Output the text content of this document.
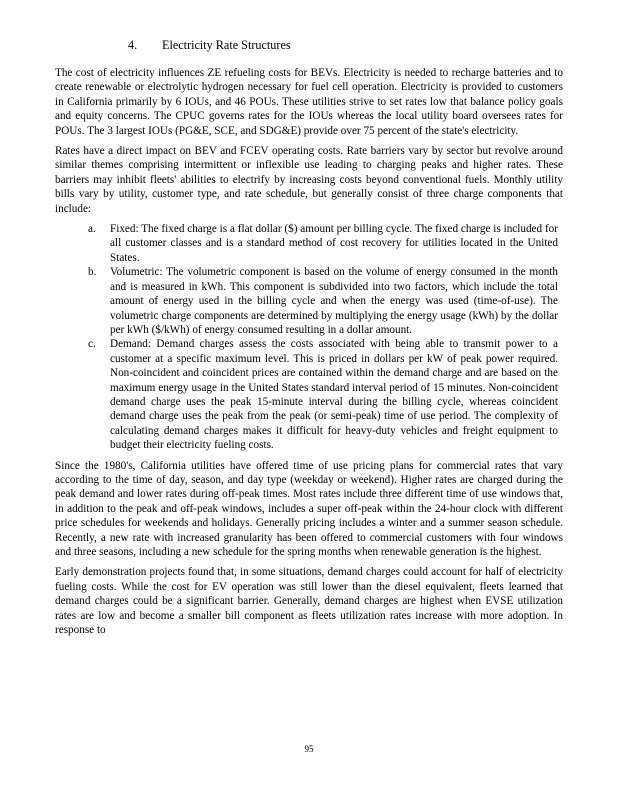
4. Electricity Rate Structures

The cost of electricity influences ZE refueling costs for BEVs. Electricity is needed to recharge batteries and to create renewable or electrolytic hydrogen necessary for fuel cell operation. Electricity is provided to customers in California primarily by 6 IOUs, and 46 POUs. These utilities strive to set rates low that balance policy goals and equity concerns. The CPUC governs rates for the IOUs whereas the local utility board oversees rates for POUs. The 3 largest IOUs (PG&E, SCE, and SDG&E) provide over 75 percent of the state's electricity.

Rates have a direct impact on BEV and FCEV operating costs. Rate barriers vary by sector but revolve around similar themes comprising intermittent or inflexible use leading to charging peaks and higher rates. These barriers may inhibit fleets' abilities to electrify by increasing costs beyond conventional fuels. Monthly utility bills vary by utility, customer type, and rate schedule, but generally consist of three charge components that include:

a. Fixed: The fixed charge is a flat dollar ($) amount per billing cycle. The fixed charge is included for all customer classes and is a standard method of cost recovery for utilities located in the United States.
b. Volumetric: The volumetric component is based on the volume of energy consumed in the month and is measured in kWh. This component is subdivided into two factors, which include the total amount of energy used in the billing cycle and when the energy was used (time-of-use). The volumetric charge components are determined by multiplying the energy usage (kWh) by the dollar per kWh ($/kWh) of energy consumed resulting in a dollar amount.
c. Demand: Demand charges assess the costs associated with being able to transmit power to a customer at a specific maximum level. This is priced in dollars per kW of peak power required. Non-coincident and coincident prices are contained within the demand charge and are based on the maximum energy usage in the United States standard interval period of 15 minutes. Non-coincident demand charge uses the peak 15-minute interval during the billing cycle, whereas coincident demand charge uses the peak from the peak (or semi-peak) time of use period. The complexity of calculating demand charges makes it difficult for heavy-duty vehicles and freight equipment to budget their electricity fueling costs.

Since the 1980's, California utilities have offered time of use pricing plans for commercial rates that vary according to the time of day, season, and day type (weekday or weekend). Higher rates are charged during the peak demand and lower rates during off-peak times. Most rates include three different time of use windows that, in addition to the peak and off-peak windows, includes a super off-peak within the 24-hour clock with different price schedules for weekends and holidays. Generally pricing includes a winter and a summer season schedule. Recently, a new rate with increased granularity has been offered to commercial customers with four windows and three seasons, including a new schedule for the spring months when renewable generation is the highest.

Early demonstration projects found that, in some situations, demand charges could account for half of electricity fueling costs. While the cost for EV operation was still lower than the diesel equivalent, fleets learned that demand charges could be a significant barrier. Generally, demand charges are highest when EVSE utilization rates are low and become a smaller bill component as fleets utilization rates increase with more adoption. In response to

95
